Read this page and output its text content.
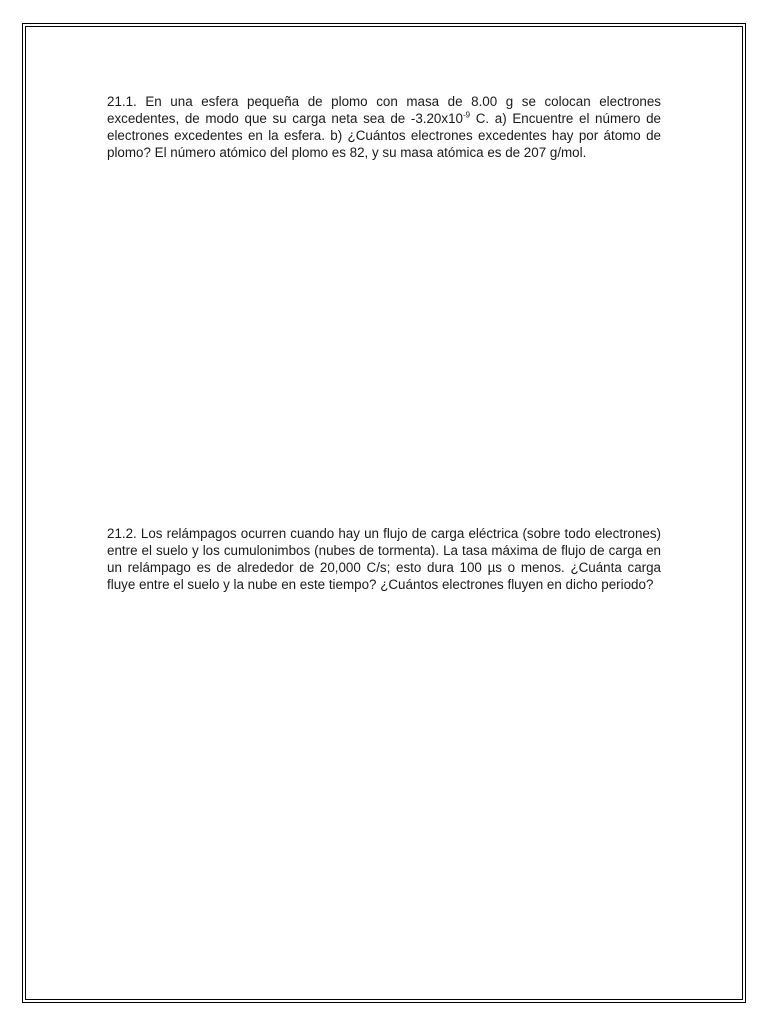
21.1. En una esfera pequeña de plomo con masa de 8.00 g se colocan electrones excedentes, de modo que su carga neta sea de $-3.20x10^{-9}$ C. a) Encuentre el número de electrones excedentes en la esfera. b) ¿Cuántos electrones excedentes hay por átomo de plomo? El número atómico del plomo es 82, y su masa atómica es de 207 g/mol.

21.2. Los relámpagos ocurren cuando hay un flujo de carga eléctrica (sobre todo electrones) entre el suelo y los cumulonimbos (nubes de tormenta). La tasa máxima de flujo de carga en un relámpago es de alrededor de 20,000 C/s; esto dura 100 µs o menos. ¿Cuánta carga fluye entre el suelo y la nube en este tiempo? ¿Cuántos electrones fluyen en dicho periodo?
